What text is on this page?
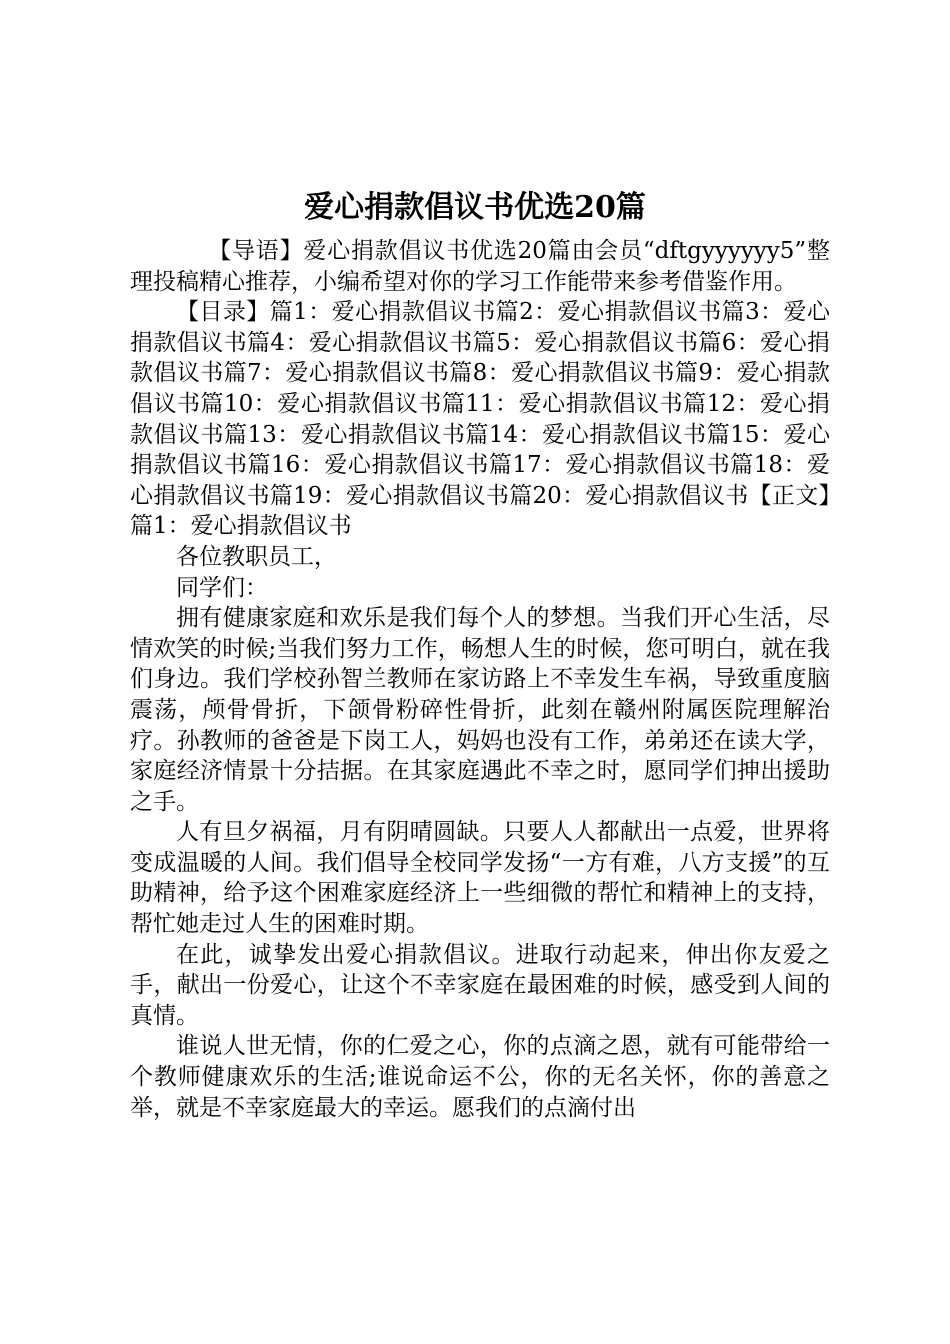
爱心捐款倡议书优选20篇

【导语】爱心捐款倡议书优选20篇由会员“dftgyyyyyy5”整理投稿精心推荐，小编希望对你的学习工作能带来参考借鉴作用。

【目录】篇1：爱心捐款倡议书篇2：爱心捐款倡议书篇3：爱心捐款倡议书篇4：爱心捐款倡议书篇5：爱心捐款倡议书篇6：爱心捐款倡议书篇7：爱心捐款倡议书篇8：爱心捐款倡议书篇9：爱心捐款倡议书篇10：爱心捐款倡议书篇11：爱心捐款倡议书篇12：爱心捐款倡议书篇13：爱心捐款倡议书篇14：爱心捐款倡议书篇15：爱心捐款倡议书篇16：爱心捐款倡议书篇17：爱心捐款倡议书篇18：爱心捐款倡议书篇19：爱心捐款倡议书篇20：爱心捐款倡议书【正文】篇1：爱心捐款倡议书

各位教职员工，

同学们：

拥有健康家庭和欢乐是我们每个人的梦想。当我们开心生活，尽情欢笑的时候;当我们努力工作，畅想人生的时候，您可明白，就在我们身边。我们学校孙智兰教师在家访路上不幸发生车祸，导致重度脑震荡，颅骨骨折，下颌骨粉碎性骨折，此刻在赣州附属医院理解治疗。孙教师的爸爸是下岗工人，妈妈也没有工作，弟弟还在读大学，家庭经济情景十分拮据。在其家庭遇此不幸之时，愿同学们抻出援助之手。

人有旦夕祸福，月有阴晴圆缺。只要人人都献出一点爱，世界将变成温暖的人间。我们倡导全校同学发扬“一方有难，八方支援”的互助精神，给予这个困难家庭经济上一些细微的帮忙和精神上的支持，帮忙她走过人生的困难时期。

在此，诚挚发出爱心捐款倡议。进取行动起来，伸出你友爱之手，献出一份爱心，让这个不幸家庭在最困难的时候，感受到人间的真情。

谁说人世无情，你的仁爱之心，你的点滴之恩，就有可能带给一个教师健康欢乐的生活;谁说命运不公，你的无名关怀，你的善意之举，就是不幸家庭最大的幸运。愿我们的点滴付出
